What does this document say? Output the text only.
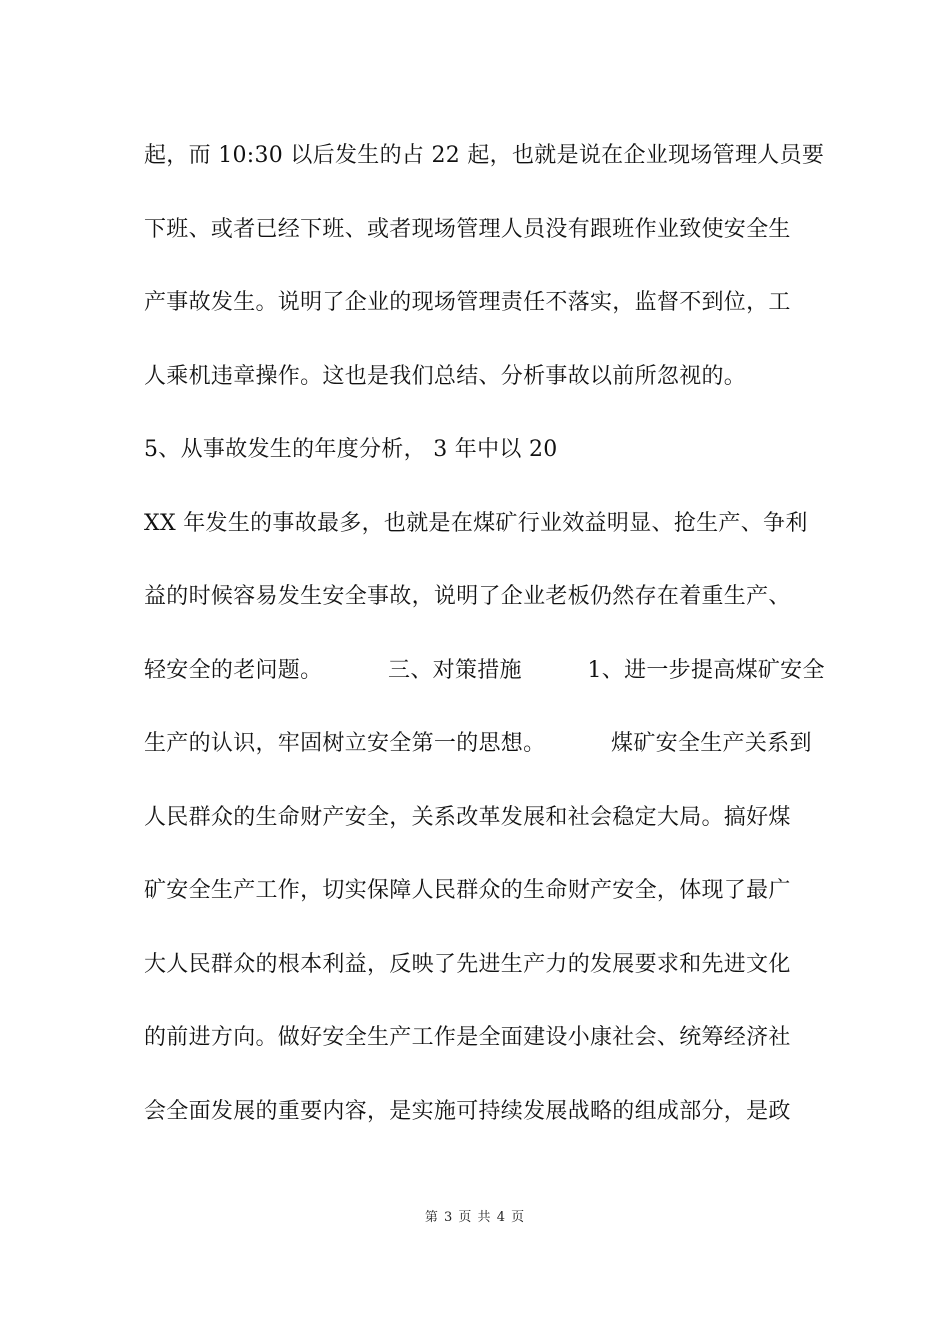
起，而 10:30 以后发生的占 22 起，也就是说在企业现场管理人员要
下班、或者已经下班、或者现场管理人员没有跟班作业致使安全生
产事故发生。说明了企业的现场管理责任不落实，监督不到位，工
人乘机违章操作。这也是我们总结、分析事故以前所忽视的。
5、从事故发生的年度分析， 3 年中以 20
XX 年发生的事故最多，也就是在煤矿行业效益明显、抢生产、争利
益的时候容易发生安全事故，说明了企业老板仍然存在着重生产、
轻安全的老问题。         三、对策措施         1、进一步提高煤矿安全
生产的认识，牢固树立安全第一的思想。         煤矿安全生产关系到
人民群众的生命财产安全，关系改革发展和社会稳定大局。搞好煤
矿安全生产工作，切实保障人民群众的生命财产安全，体现了最广
大人民群众的根本利益，反映了先进生产力的发展要求和先进文化
的前进方向。做好安全生产工作是全面建设小康社会、统筹经济社
会全面发展的重要内容，是实施可持续发展战略的组成部分，是政
第 3 页 共 4 页
